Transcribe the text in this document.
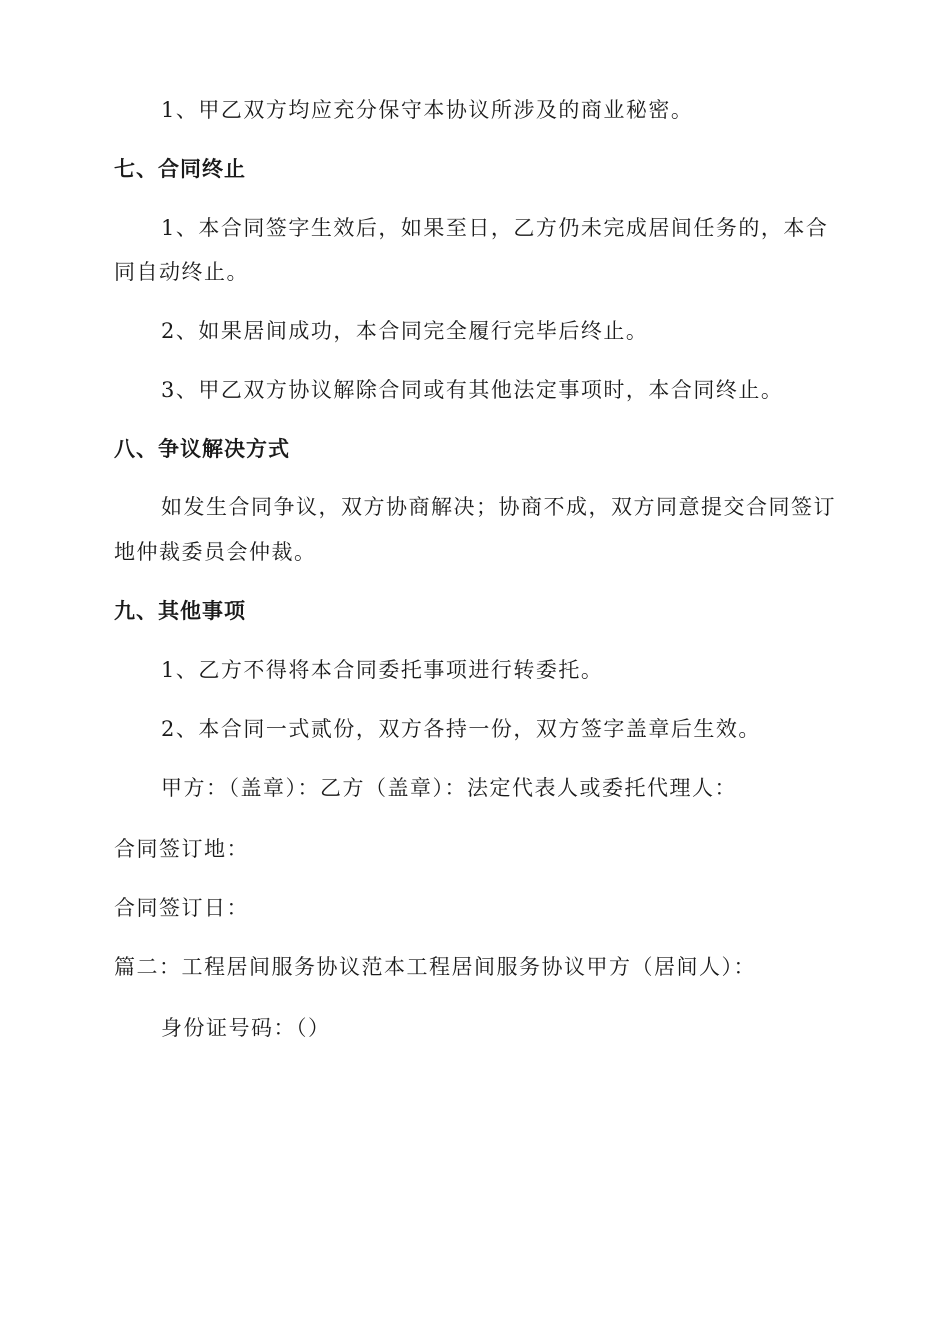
1、甲乙双方均应充分保守本协议所涉及的商业秘密。
七、合同终止
1、本合同签字生效后，如果至日，乙方仍未完成居间任务的，本合
同自动终止。
2、如果居间成功，本合同完全履行完毕后终止。
3、甲乙双方协议解除合同或有其他法定事项时，本合同终止。
八、争议解决方式
如发生合同争议，双方协商解决；协商不成，双方同意提交合同签订
地仲裁委员会仲裁。
九、其他事项
1、乙方不得将本合同委托事项进行转委托。
2、本合同一式贰份，双方各持一份，双方签字盖章后生效。
甲方：（盖章）：乙方（盖章）：法定代表人或委托代理人：
合同签订地：
合同签订日：
篇二：工程居间服务协议范本工程居间服务协议甲方（居间人）：
身份证号码：（）
